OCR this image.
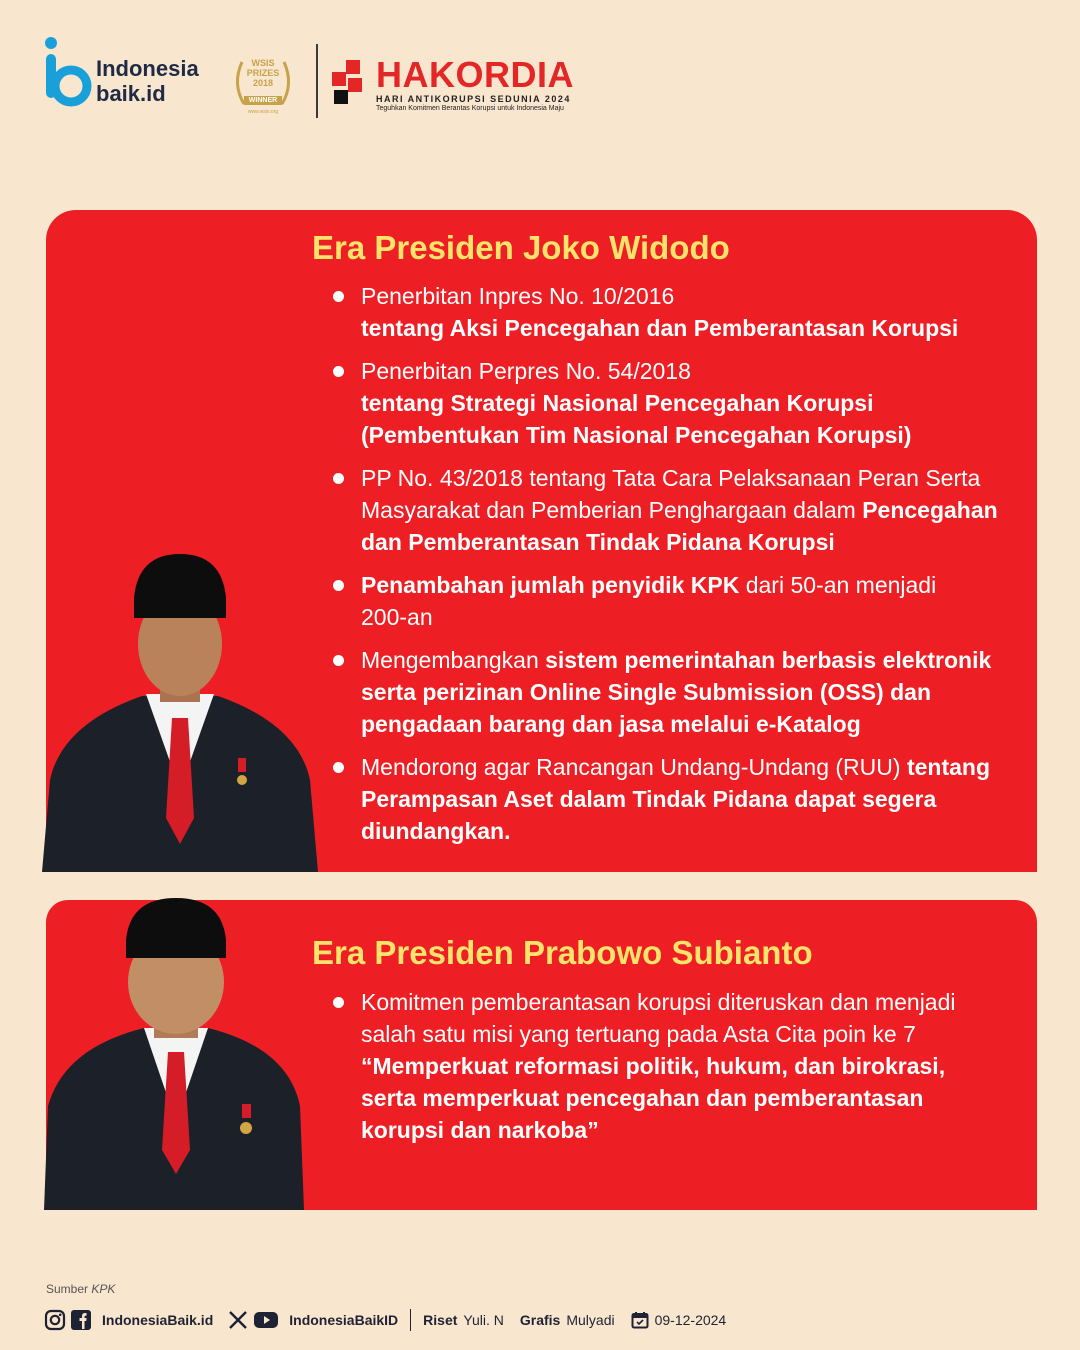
Indonesia
baik.id
WSIS
PRIZES
2018
WINNER
www.wsis.org
HAKORDIA
HARI ANTIKORUPSI SEDUNIA 2024
Teguhkan Komitmen Berantas Korupsi untuk Indonesia Maju
Era Presiden Joko Widodo
Penerbitan Inpres No. 10/2016
tentang Aksi Pencegahan dan Pemberantasan Korupsi
Penerbitan Perpres No. 54/2018
tentang Strategi Nasional Pencegahan Korupsi (Pembentukan Tim Nasional Pencegahan Korupsi)
PP No. 43/2018 tentang Tata Cara Pelaksanaan Peran Serta Masyarakat dan Pemberian Penghargaan dalam Pencegahan dan Pemberantasan Tindak Pidana Korupsi
Penambahan jumlah penyidik KPK dari 50-an menjadi 200-an
Mengembangkan sistem pemerintahan berbasis elektronik serta perizinan Online Single Submission (OSS) dan pengadaan barang dan jasa melalui e-Katalog
Mendorong agar Rancangan Undang-Undang (RUU) tentang Perampasan Aset dalam Tindak Pidana dapat segera diundangkan.
Era Presiden Prabowo Subianto
Komitmen pemberantasan korupsi diteruskan dan menjadi salah satu misi yang tertuang pada Asta Cita poin ke 7
“Memperkuat reformasi politik, hukum, dan birokrasi, serta memperkuat pencegahan dan pemberantasan korupsi dan narkoba”
Sumber KPK
IndonesiaBaik.id	IndonesiaBaikID Riset Yuli. N Grafis Mulyadi	09-12-2024
